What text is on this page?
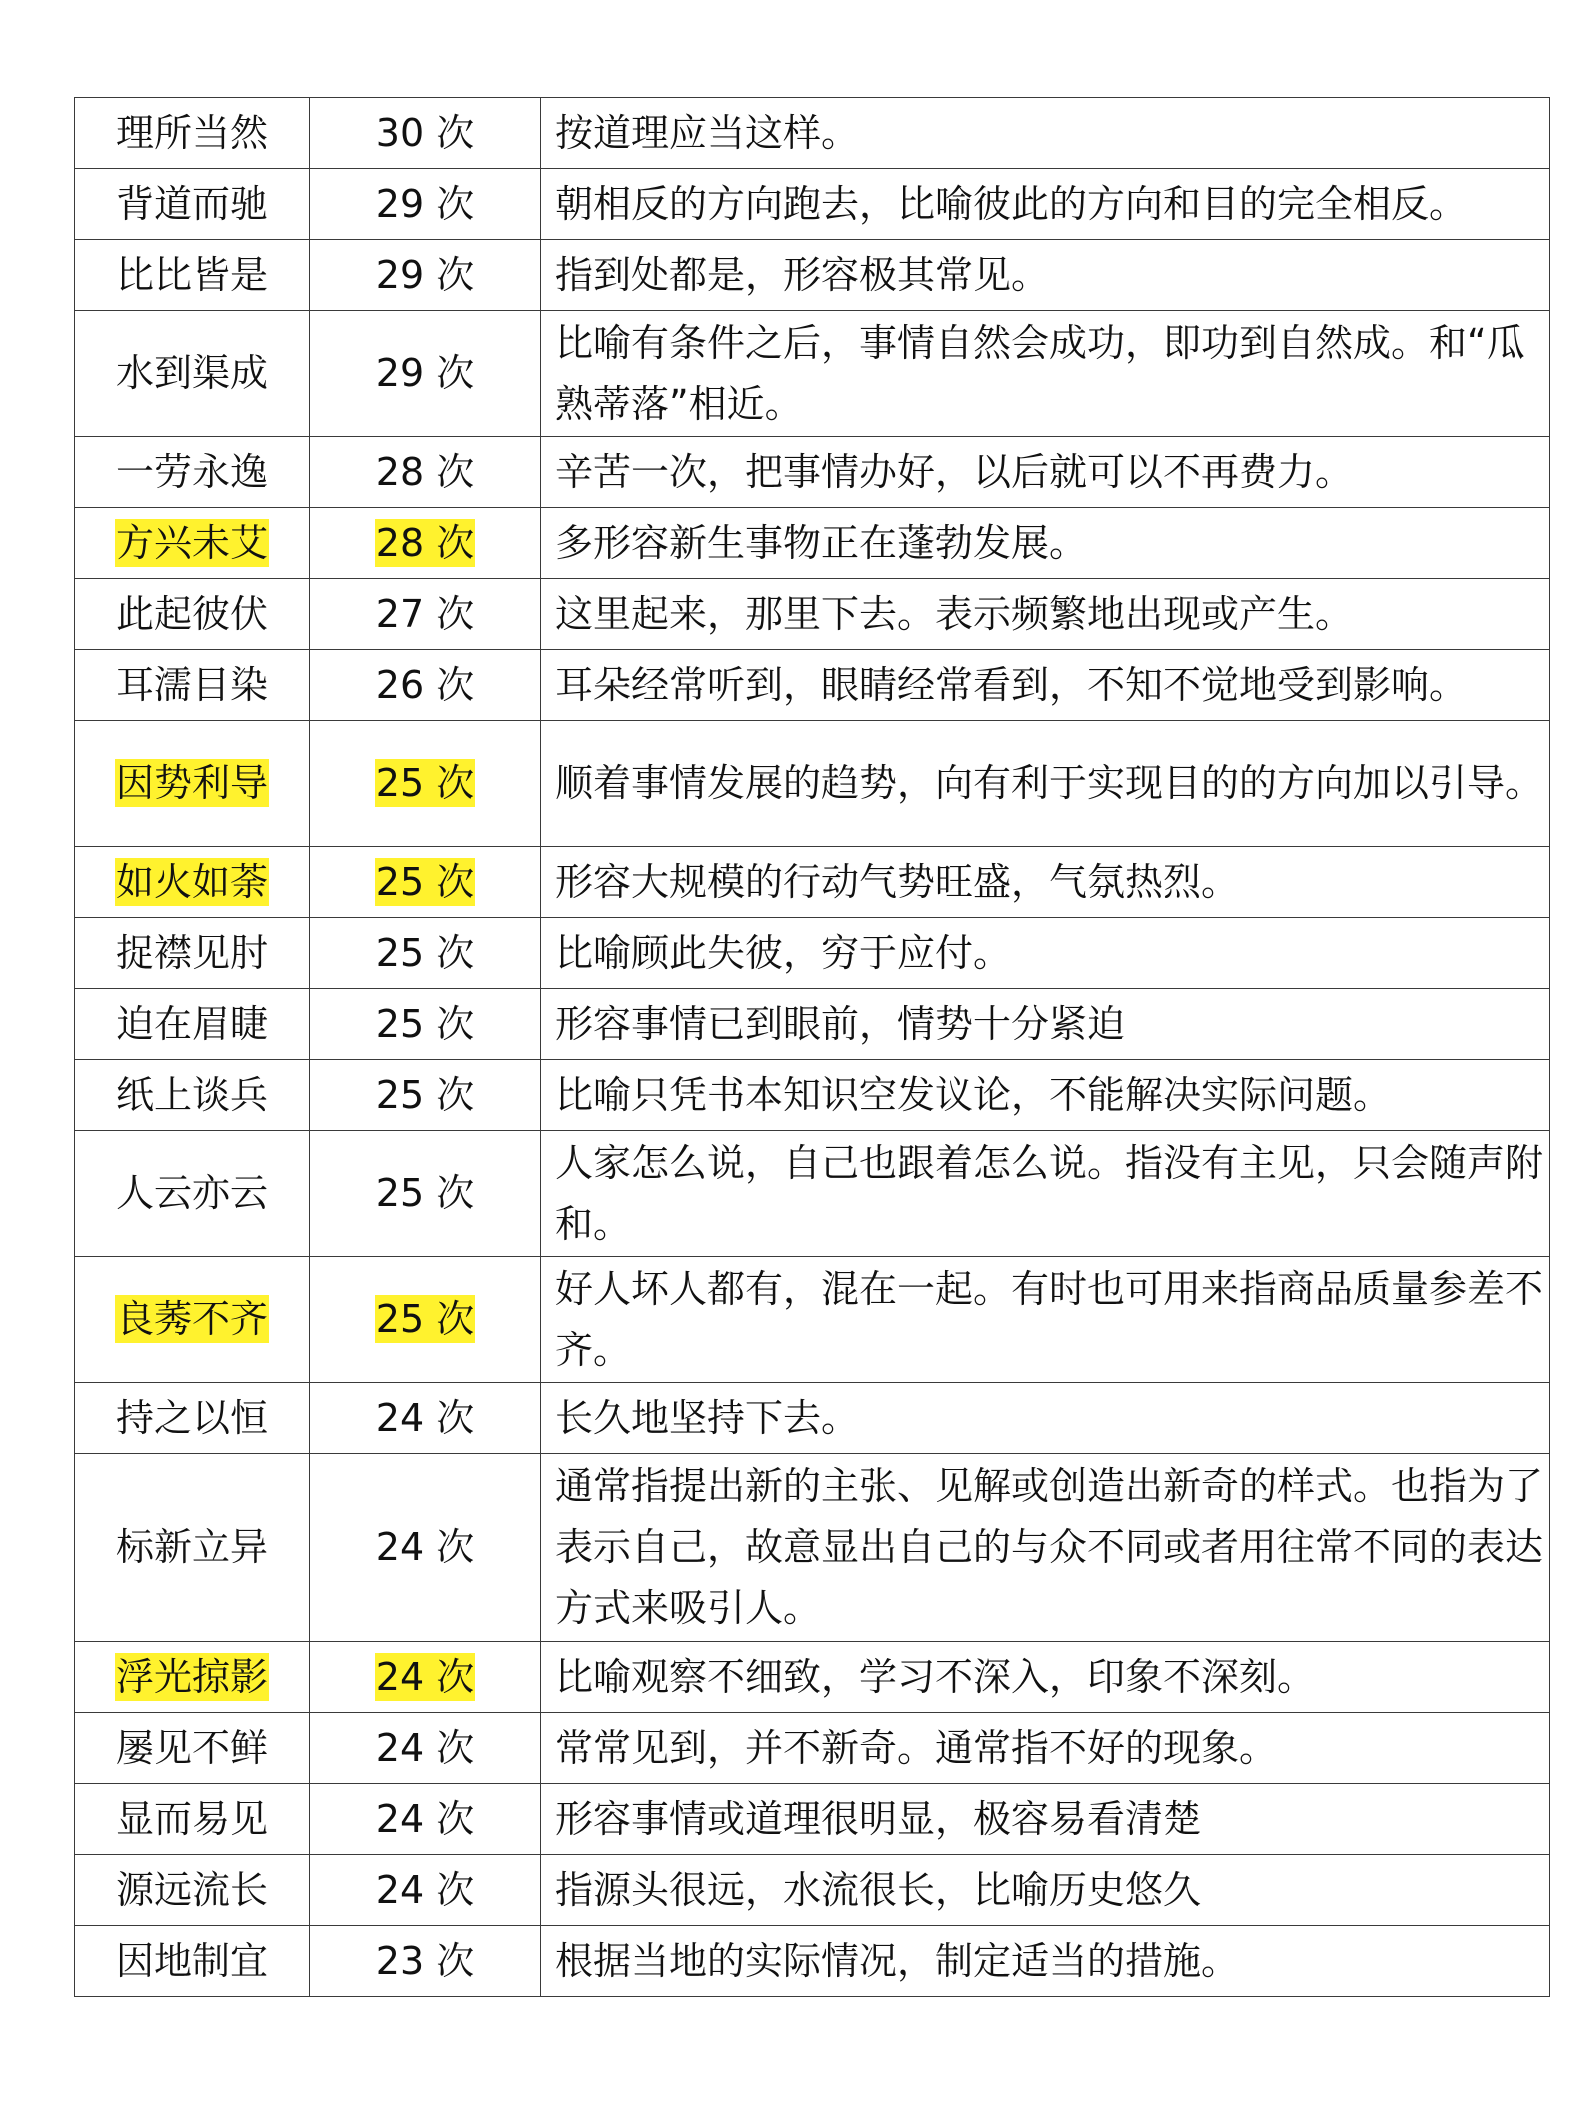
理所当然	30 次	按道理应当这样。
背道而驰	29 次	朝相反的方向跑去，比喻彼此的方向和目的完全相反。
比比皆是	29 次	指到处都是，形容极其常见。
水到渠成	29 次	比喻有条件之后，事情自然会成功，即功到自然成。和“瓜熟蒂落”相近。
一劳永逸	28 次	辛苦一次，把事情办好，以后就可以不再费力。
方兴未艾	28 次	多形容新生事物正在蓬勃发展。
此起彼伏	27 次	这里起来，那里下去。表示频繁地出现或产生。
耳濡目染	26 次	耳朵经常听到，眼睛经常看到，不知不觉地受到影响。
因势利导	25 次	顺着事情发展的趋势，向有利于实现目的的方向加以引导。
如火如荼	25 次	形容大规模的行动气势旺盛，气氛热烈。
捉襟见肘	25 次	比喻顾此失彼，穷于应付。
迫在眉睫	25 次	形容事情已到眼前，情势十分紧迫
纸上谈兵	25 次	比喻只凭书本知识空发议论，不能解决实际问题。
人云亦云	25 次	人家怎么说，自己也跟着怎么说。指没有主见，只会随声附和。
良莠不齐	25 次	好人坏人都有，混在一起。有时也可用来指商品质量参差不齐。
持之以恒	24 次	长久地坚持下去。
标新立异	24 次	通常指提出新的主张、见解或创造出新奇的样式。也指为了表示自己，故意显出自己的与众不同或者用往常不同的表达方式来吸引人。
浮光掠影	24 次	比喻观察不细致，学习不深入，印象不深刻。
屡见不鲜	24 次	常常见到，并不新奇。通常指不好的现象。
显而易见	24 次	形容事情或道理很明显，极容易看清楚
源远流长	24 次	指源头很远，水流很长，比喻历史悠久
因地制宜	23 次	根据当地的实际情况，制定适当的措施。
